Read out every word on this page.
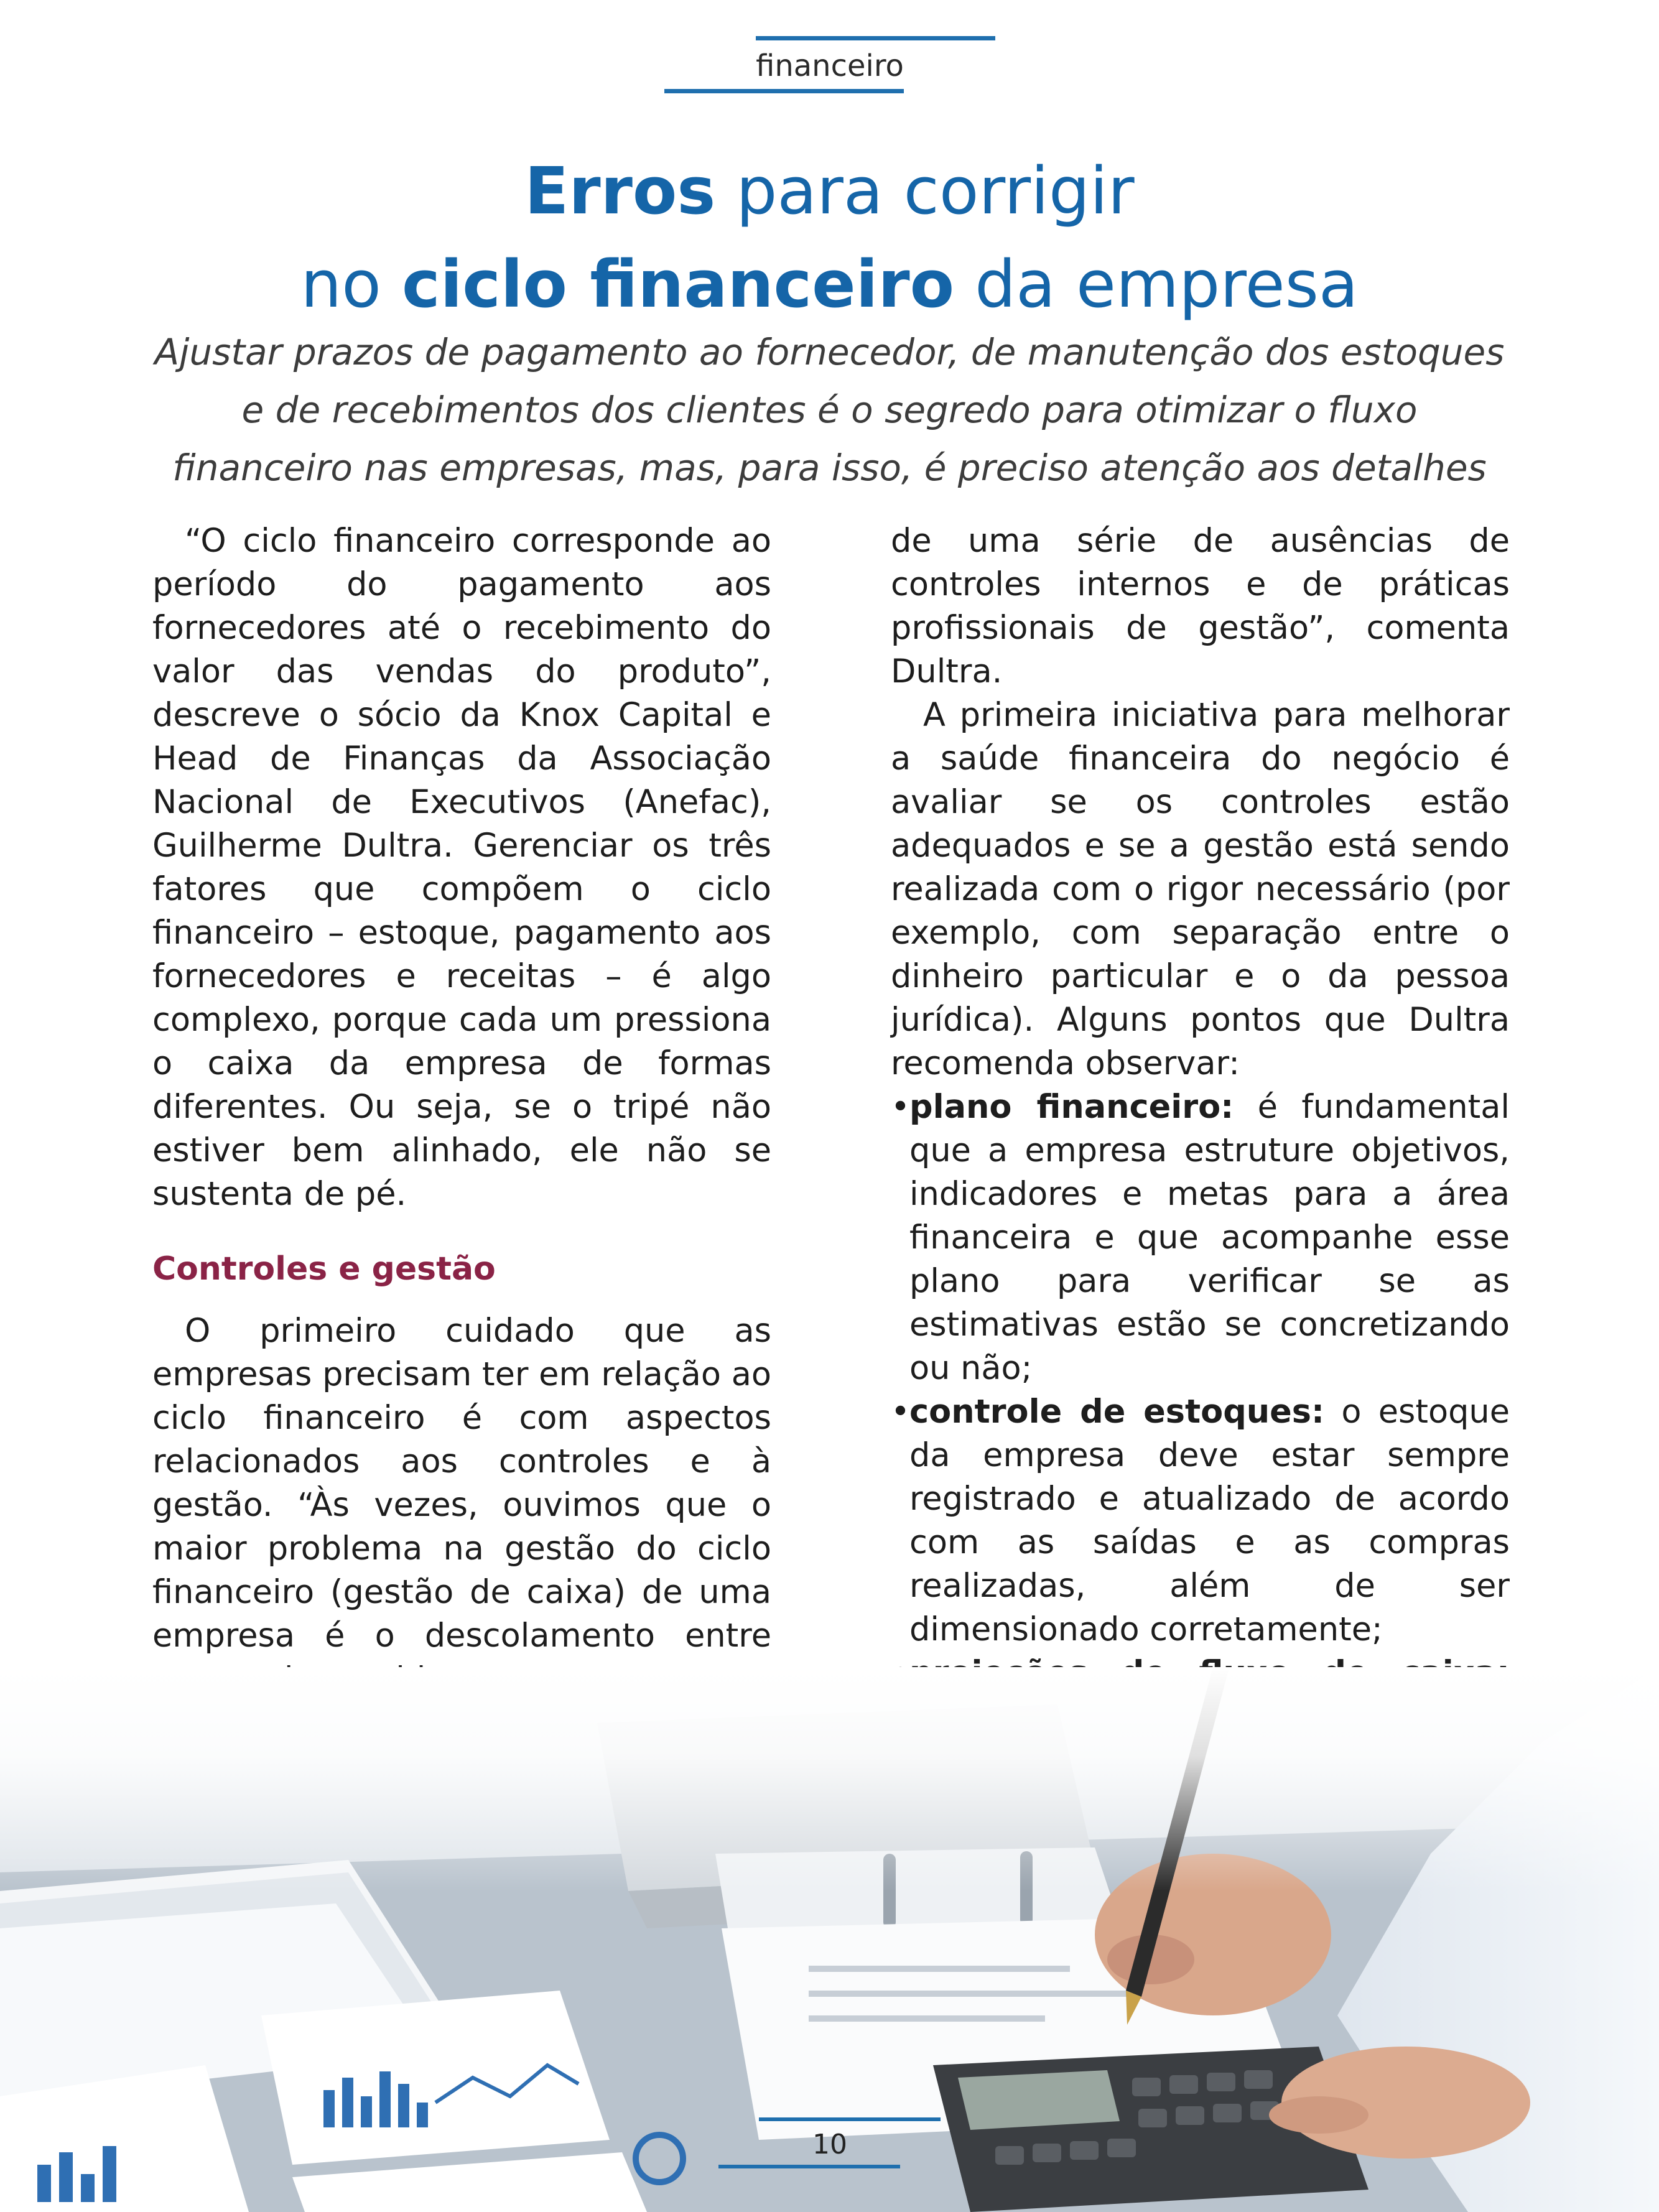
financeiro
Erros para corrigir
no ciclo financeiro da empresa
Ajustar prazos de pagamento ao fornecedor, de manutenção dos estoques
e de recebimentos dos clientes é o segredo para otimizar o fluxo
financeiro nas empresas, mas, para isso, é preciso atenção aos detalhes

“O ciclo financeiro corresponde ao período do pagamento aos fornecedores até o recebimento do valor das vendas do produto”, descreve o sócio da Knox Capital e Head de Finanças da Associação Nacional de Executivos (Anefac), Guilherme Dultra. Gerenciar os três fatores que compõem o ciclo financeiro – estoque, pagamento aos fornecedores e receitas – é algo complexo, porque cada um pressiona o caixa da empresa de formas diferentes. Ou seja, se o tripé não estiver bem alinhado, ele não se sustenta de pé.

Controles e gestão

O primeiro cuidado que as empresas precisam ter em relação ao ciclo financeiro é com aspectos relacionados aos controles e à gestão. “Às vezes, ouvimos que o maior problema na gestão do ciclo financeiro (gestão de caixa) de uma empresa é o descolamento entre

de uma série de ausências de controles internos e de práticas profissionais de gestão”, comenta Dultra.

A primeira iniciativa para melhorar a saúde financeira do negócio é avaliar se os controles estão adequados e se a gestão está sendo realizada com o rigor necessário (por exemplo, com separação entre o dinheiro particular e o da pessoa jurídica). Alguns pontos que Dultra recomenda observar:

• plano financeiro: é fundamental que a empresa estruture objetivos, indicadores e metas para a área financeira e que acompanhe esse plano para verificar se as estimativas estão se concretizando ou não;
• controle de estoques: o estoque da empresa deve estar sempre registrado e atualizado de acordo com as saídas e as compras realizadas, além de ser dimensionado corretamente;
•
10
